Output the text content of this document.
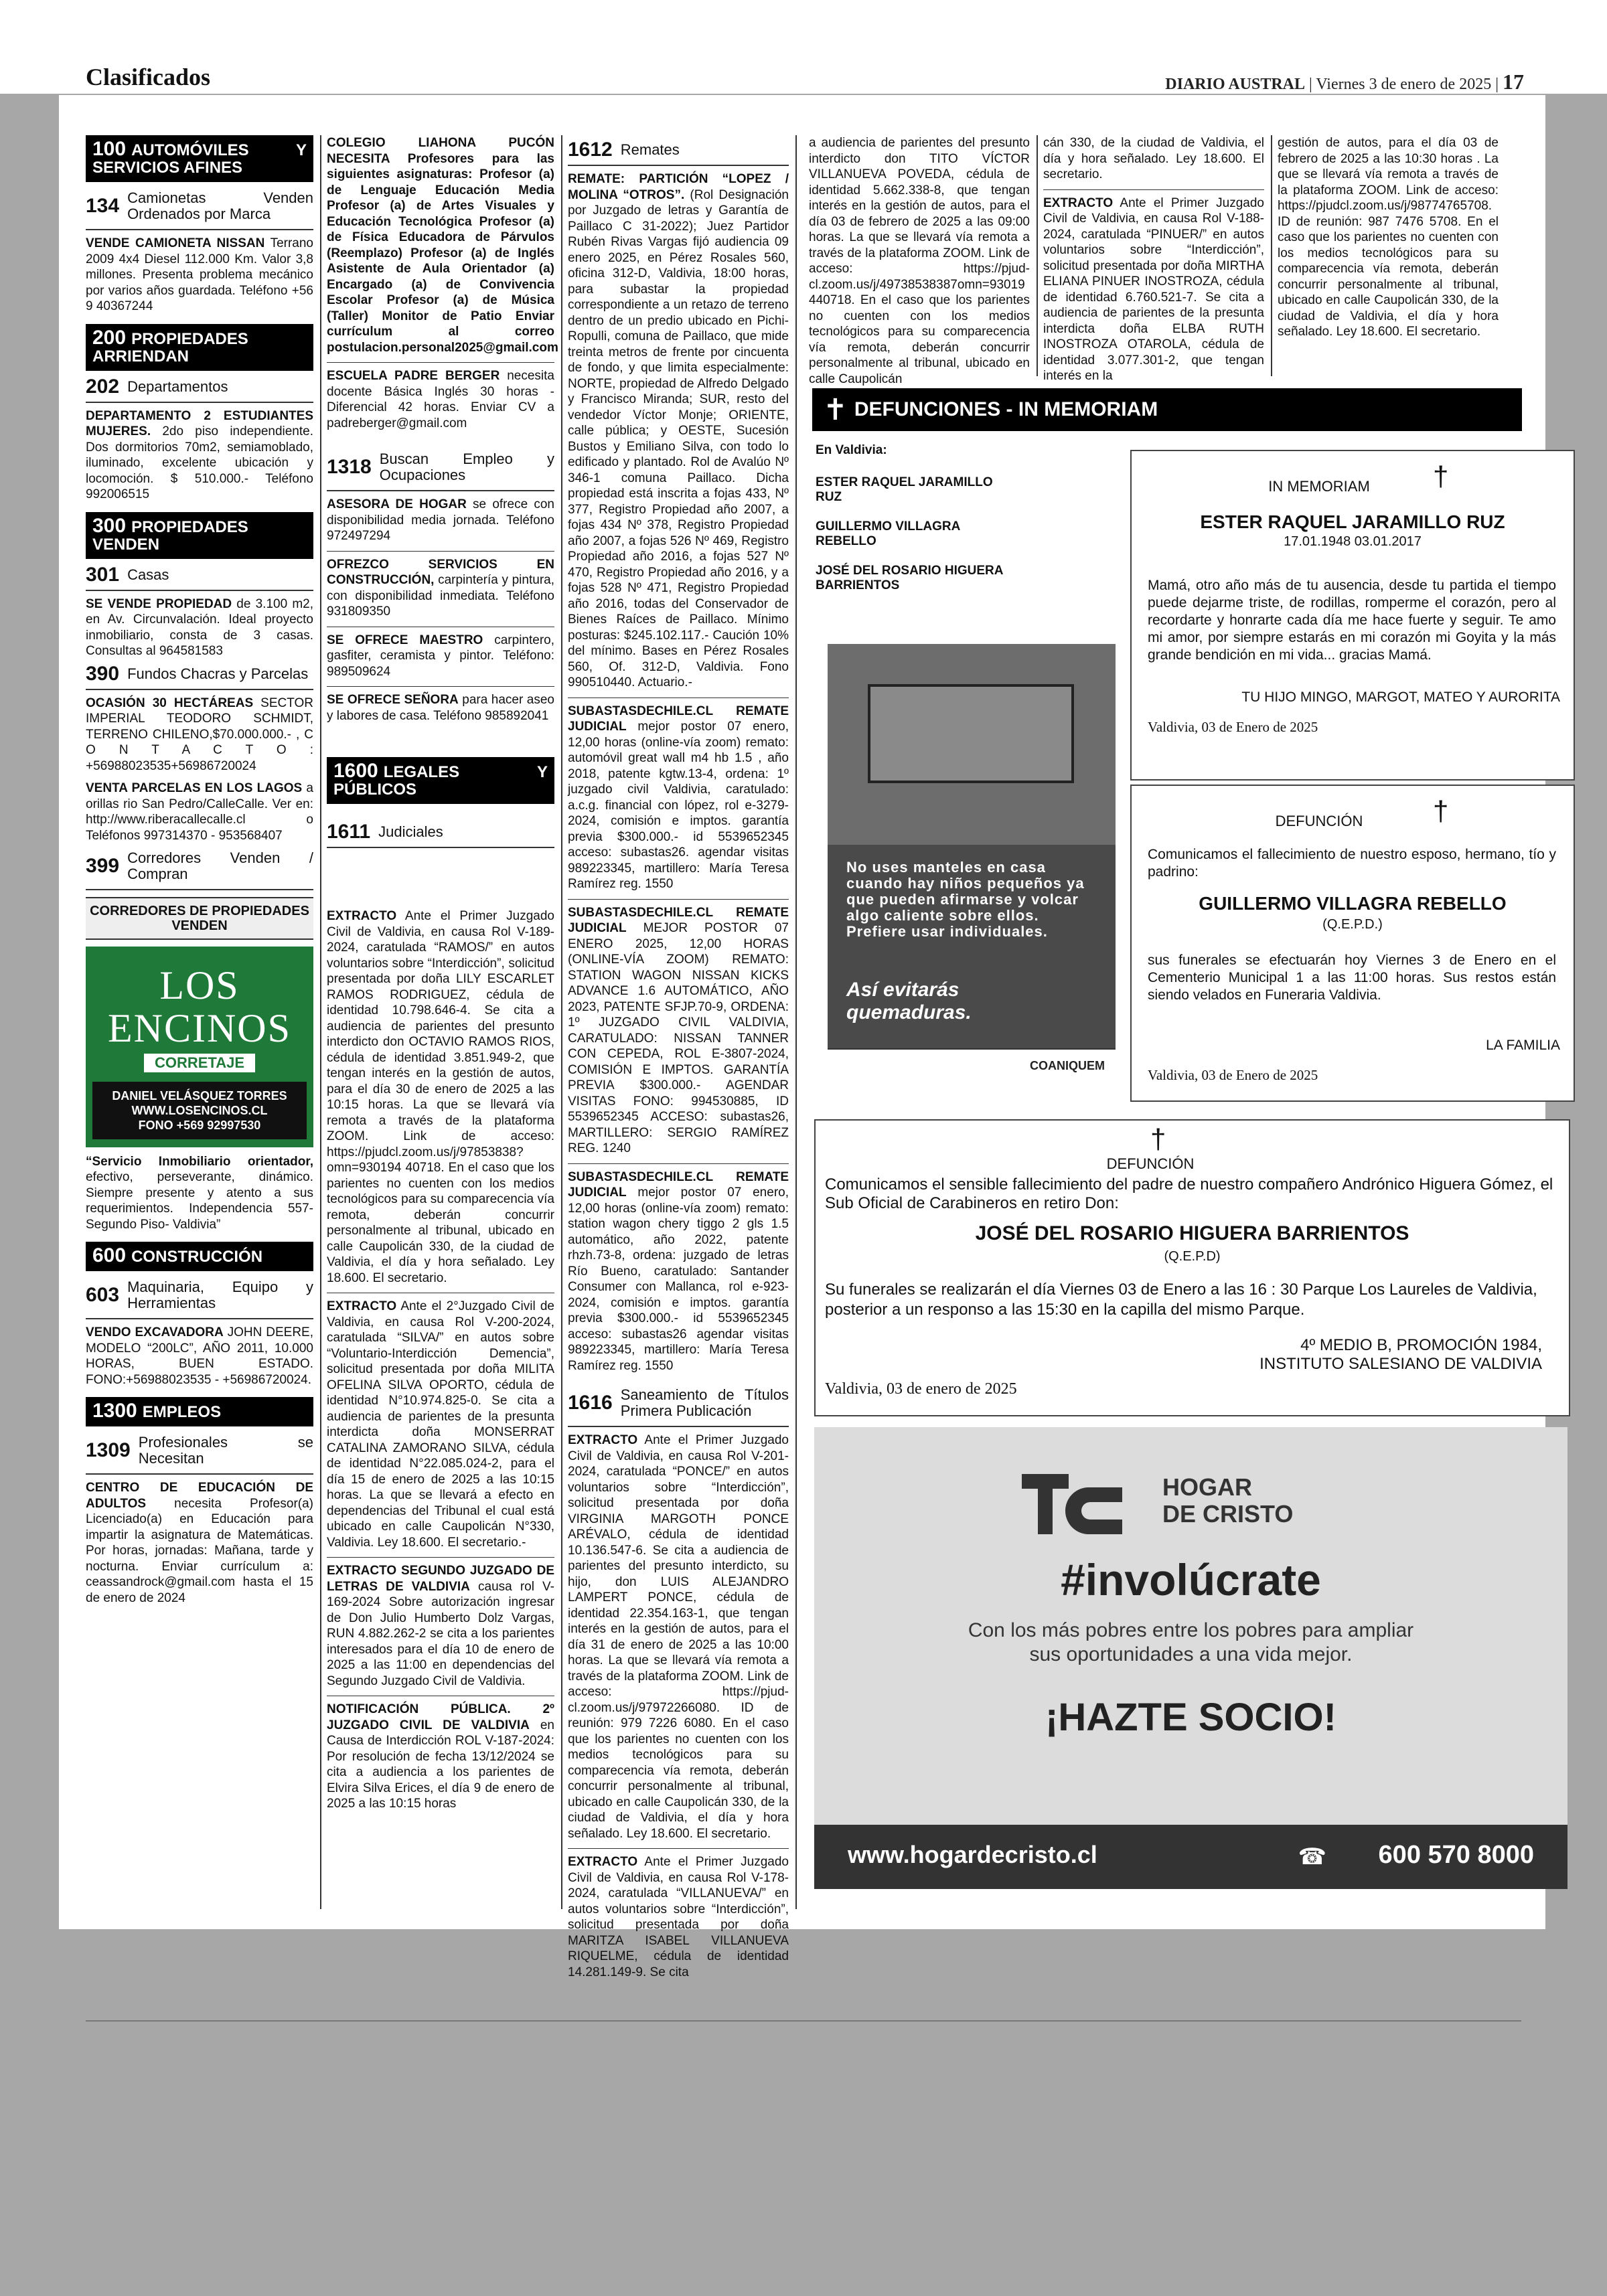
Clasificados	DIARIO AUSTRAL | Viernes 3 de enero de 2025 | 17
100 AUTOMÓVILES Y SERVICIOS AFINES
134 Camionetas Venden Ordenados por Marca
VENDE CAMIONETA NISSAN Terrano 2009 4x4 Diesel 112.000 Km. Valor 3,8 millones. Presenta problema mecánico por varios años guardada. Teléfono +56 9 40367244
200 PROPIEDADES ARRIENDAN
202 Departamentos
DEPARTAMENTO 2 ESTUDIANTES MUJERES. 2do piso independiente. Dos dormitorios 70m2, semiamoblado, iluminado, excelente ubicación y locomoción. $ 510.000.- Teléfono 992006515
300 PROPIEDADES VENDEN
301 Casas
SE VENDE PROPIEDAD de 3.100 m2, en Av. Circunvalación. Ideal proyecto inmobiliario, consta de 3 casas. Consultas al 964581583
390 Fundos Chacras y Parcelas
OCASIÓN 30 HECTÁREAS SECTOR IMPERIAL TEODORO SCHMIDT, TERRENO CHILENO,$70.000.000.- , C O N T A C T O : +56988023535+56986720024
VENTA PARCELAS EN LOS LAGOS a orillas rio San Pedro/CalleCalle. Ver en: http://www.riberacallecalle.cl o Teléfonos 997314370 - 953568407
399 Corredores Venden / Compran
CORREDORES DE PROPIEDADES VENDEN
LOS ENCINOS
CORRETAJE
DANIEL VELÁSQUEZ TORRES
WWW.LOSENCINOS.CL
FONO +569 92997530
“Servicio Inmobiliario orientador, efectivo, perseverante, dinámico. Siempre presente y atento a sus requerimientos. Independencia 557- Segundo Piso- Valdivia”
600 CONSTRUCCIÓN
603 Maquinaria, Equipo y Herramientas
VENDO EXCAVADORA JOHN DEERE, MODELO “200LC”, AÑO 2011, 10.000 HORAS, BUEN ESTADO. FONO:+56988023535 - +56986720024.
1300 EMPLEOS
1309 Profesionales se Necesitan
CENTRO DE EDUCACIÓN DE ADULTOS necesita Profesor(a) Licenciado(a) en Educación para impartir la asignatura de Matemáticas. Por horas, jornadas: Mañana, tarde y nocturna. Enviar currículum a: ceassandrock@gmail.com hasta el 15 de enero de 2024
COLEGIO LIAHONA PUCÓN NECESITA Profesores para las siguientes asignaturas: Profesor (a) de Lenguaje Educación Media Profesor (a) de Artes Visuales y Educación Tecnológica Profesor (a) de Física Educadora de Párvulos (Reemplazo) Profesor (a) de Inglés Asistente de Aula Orientador (a) Encargado (a) de Convivencia Escolar Profesor (a) de Música (Taller) Monitor de Patio Enviar currículum al correo postulacion.personal2025@gmail.com
ESCUELA PADRE BERGER necesita docente Básica Inglés 30 horas - Diferencial 42 horas. Enviar CV a padreberger@gmail.com
1318 Buscan Empleo y Ocupaciones
ASESORA DE HOGAR se ofrece con disponibilidad media jornada. Teléfono 972497294
OFREZCO SERVICIOS EN CONSTRUCCIÓN, carpintería y pintura, con disponibilidad inmediata. Teléfono 931809350
SE OFRECE MAESTRO carpintero, gasfiter, ceramista y pintor. Teléfono: 989509624
SE OFRECE SEÑORA para hacer aseo y labores de casa. Teléfono 985892041
1600 LEGALES Y PÚBLICOS
1611 Judiciales
EXTRACTO Ante el Primer Juzgado Civil de Valdivia, en causa Rol V-189-2024, caratulada “RAMOS/” en autos voluntarios sobre “Interdicción”, solicitud presentada por doña LILY ESCARLET RAMOS RODRIGUEZ, cédula de identidad 10.798.646-4. Se cita a audiencia de parientes del presunto interdicto don OCTAVIO RAMOS RIOS, cédula de identidad 3.851.949-2, que tengan interés en la gestión de autos, para el día 30 de enero de 2025 a las 10:15 horas. La que se llevará vía remota a través de la plataforma ZOOM. Link de acceso: https://pjudcl.zoom.us/j/97853838?omn=930194 40718. En el caso que los parientes no cuenten con los medios tecnológicos para su comparecencia vía remota, deberán concurrir personalmente al tribunal, ubicado en calle Caupolicán 330, de la ciudad de Valdivia, el día y hora señalado. Ley 18.600. El secretario.
EXTRACTO Ante el 2°Juzgado Civil de Valdivia, en causa Rol V-200-2024, caratulada “SILVA/” en autos sobre “Voluntario-Interdicción Demencia”, solicitud presentada por doña MILITA OFELINA SILVA OPORTO, cédula de identidad N°10.974.825-0. Se cita a audiencia de parientes de la presunta interdicta doña MONSERRAT CATALINA ZAMORANO SILVA, cédula de identidad N°22.085.024-2, para el día 15 de enero de 2025 a las 10:15 horas. La que se llevará a efecto en dependencias del Tribunal el cual está ubicado en calle Caupolicán N°330, Valdivia. Ley 18.600. El secretario.-
EXTRACTO SEGUNDO JUZGADO DE LETRAS DE VALDIVIA causa rol V-169-2024 Sobre autorización ingresar de Don Julio Humberto Dolz Vargas, RUN 4.882.262-2 se cita a los parientes interesados para el día 10 de enero de 2025 a las 11:00 en dependencias del Segundo Juzgado Civil de Valdivia.
NOTIFICACIÓN PÚBLICA. 2º JUZGADO CIVIL DE VALDIVIA en Causa de Interdicción ROL V-187-2024: Por resolución de fecha 13/12/2024 se cita a audiencia a los parientes de Elvira Silva Erices, el día 9 de enero de 2025 a las 10:15 horas
1612 Remates
REMATE: PARTICIÓN “LOPEZ / MOLINA “OTROS”. (Rol Designación por Juzgado de letras y Garantía de Paillaco C 31-2022); Juez Partidor Rubén Rivas Vargas fijó audiencia 09 enero 2025, en Pérez Rosales 560, oficina 312-D, Valdivia, 18:00 horas, para subastar la propiedad correspondiente a un retazo de terreno dentro de un predio ubicado en Pichi-Ropulli, comuna de Paillaco, que mide treinta metros de frente por cincuenta de fondo, y que limita especialmente: NORTE, propiedad de Alfredo Delgado y Francisco Miranda; SUR, resto del vendedor Víctor Monje; ORIENTE, calle pública; y OESTE, Sucesión Bustos y Emiliano Silva, con todo lo edificado y plantado. Rol de Avalúo Nº 346-1 comuna Paillaco. Dicha propiedad está inscrita a fojas 433, Nº 377, Registro Propiedad año 2007, a fojas 434 Nº 378, Registro Propiedad año 2007, a fojas 526 Nº 469, Registro Propiedad año 2016, a fojas 527 Nº 470, Registro Propiedad año 2016, y a fojas 528 Nº 471, Registro Propiedad año 2016, todas del Conservador de Bienes Raíces de Paillaco. Mínimo posturas: $245.102.117.- Caución 10% del mínimo. Bases en Pérez Rosales 560, Of. 312-D, Valdivia. Fono 990510440. Actuario.-
SUBASTASDECHILE.CL REMATE JUDICIAL mejor postor 07 enero, 12,00 horas (online-vía zoom) remato: automóvil great wall m4 hb 1.5 , año 2018, patente kgtw.13-4, ordena: 1º juzgado civil Valdivia, caratulado: a.c.g. financial con lópez, rol e-3279-2024, comisión e imptos. garantía previa $300.000.- id 5539652345 acceso: subastas26. agendar visitas 989223345, martillero: María Teresa Ramírez reg. 1550
SUBASTASDECHILE.CL REMATE JUDICIAL MEJOR POSTOR 07 ENERO 2025, 12,00 HORAS (ONLINE-VÍA ZOOM) REMATO: STATION WAGON NISSAN KICKS ADVANCE 1.6 AUTOMÁTICO, AÑO 2023, PATENTE SFJP.70-9, ORDENA: 1º JUZGADO CIVIL VALDIVIA, CARATULADO: NISSAN TANNER CON CEPEDA, ROL E-3807-2024, COMISIÓN E IMPTOS. GARANTÍA PREVIA $300.000.- AGENDAR VISITAS FONO: 994530885, ID 5539652345 ACCESO: subastas26, MARTILLERO: SERGIO RAMÍREZ REG. 1240
SUBASTASDECHILE.CL REMATE JUDICIAL mejor postor 07 enero, 12,00 horas (online-vía zoom) remato: station wagon chery tiggo 2 gls 1.5 automático, año 2022, patente rhzh.73-8, ordena: juzgado de letras Río Bueno, caratulado: Santander Consumer con Mallanca, rol e-923-2024, comisión e imptos. garantía previa $300.000.- id 5539652345 acceso: subastas26 agendar visitas 989223345, martillero: María Teresa Ramírez reg. 1550
1616 Saneamiento de Títulos Primera Publicación
EXTRACTO Ante el Primer Juzgado Civil de Valdivia, en causa Rol V-201-2024, caratulada “PONCE/” en autos voluntarios sobre “Interdicción”, solicitud presentada por doña VIRGINIA MARGOTH PONCE ARÉVALO, cédula de identidad 10.136.547-6. Se cita a audiencia de parientes del presunto interdicto, su hijo, don LUIS ALEJANDRO LAMPERT PONCE, cédula de identidad 22.354.163-1, que tengan interés en la gestión de autos, para el día 31 de enero de 2025 a las 10:00 horas. La que se llevará vía remota a través de la plataforma ZOOM. Link de acceso: https://pjud-cl.zoom.us/j/97972266080. ID de reunión: 979 7226 6080. En el caso que los parientes no cuenten con los medios tecnológicos para su comparecencia vía remota, deberán concurrir personalmente al tribunal, ubicado en calle Caupolicán 330, de la ciudad de Valdivia, el día y hora señalado. Ley 18.600. El secretario.
EXTRACTO Ante el Primer Juzgado Civil de Valdivia, en causa Rol V-178-2024, caratulada “VILLANUEVA/” en autos voluntarios sobre “Interdicción”, solicitud presentada por doña MARITZA ISABEL VILLANUEVA RIQUELME, cédula de identidad 14.281.149-9. Se cita
a audiencia de parientes del presunto interdicto don TITO VÍCTOR VILLANUEVA POVEDA, cédula de identidad 5.662.338-8, que tengan interés en la gestión de autos, para el día 03 de febrero de 2025 a las 09:00 horas. La que se llevará vía remota a través de la plataforma ZOOM. Link de acceso: https://pjud-cl.zoom.us/j/49738538387omn=93019 440718. En el caso que los parientes no cuenten con los medios tecnológicos para su comparecencia vía remota, deberán concurrir personalmente al tribunal, ubicado en calle Caupolicán
cán 330, de la ciudad de Valdivia, el día y hora señalado. Ley 18.600. El secretario.
EXTRACTO Ante el Primer Juzgado Civil de Valdivia, en causa Rol V-188-2024, caratulada “PINUER/” en autos voluntarios sobre “Interdicción”, solicitud presentada por doña MIRTHA ELIANA PINUER INOSTROZA, cédula de identidad 6.760.521-7. Se cita a audiencia de parientes de la presunta interdicta doña ELBA RUTH INOSTROZA OTAROLA, cédula de identidad 3.077.301-2, que tengan interés en la
gestión de autos, para el día 03 de febrero de 2025 a las 10:30 horas . La que se llevará vía remota a través de la plataforma ZOOM. Link de acceso: https://pjudcl.zoom.us/j/98774765708. ID de reunión: 987 7476 5708. En el caso que los parientes no cuenten con los medios tecnológicos para su comparecencia vía remota, deberán concurrir personalmente al tribunal, ubicado en calle Caupolicán 330, de la ciudad de Valdivia, el día y hora señalado. Ley 18.600. El secretario.
✝ DEFUNCIONES - IN MEMORIAM
En Valdivia:
ESTER RAQUEL JARAMILLO RUZ
GUILLERMO VILLAGRA REBELLO
JOSÉ DEL ROSARIO HIGUERA BARRIENTOS
No uses manteles en casa cuando hay niños pequeños ya que pueden afirmarse y volcar algo caliente sobre ellos. Prefiere usar individuales.
Así evitarás quemaduras.
COANIQUEM
IN MEMORIAM	†
ESTER RAQUEL JARAMILLO RUZ
17.01.1948 03.01.2017
Mamá, otro año más de tu ausencia, desde tu partida el tiempo puede dejarme triste, de rodillas, romperme el corazón, pero al recordarte y honrarte cada día me hace fuerte y seguir. Te amo mi amor, por siempre estarás en mi corazón mi Goyita y la más grande bendición en mi vida... gracias Mamá.
TU HIJO MINGO, MARGOT, MATEO Y AURORITA
Valdivia, 03 de Enero de 2025
DEFUNCIÓN	†
Comunicamos el fallecimiento de nuestro esposo, hermano, tío y padrino:
GUILLERMO VILLAGRA REBELLO
(Q.E.P.D.)
sus funerales se efectuarán hoy Viernes 3 de Enero en el Cementerio Municipal 1 a las 11:00 horas. Sus restos están siendo velados en Funeraria Valdivia.
LA FAMILIA
Valdivia, 03 de Enero de 2025
†
DEFUNCIÓN
Comunicamos el sensible fallecimiento del padre de nuestro compañero Andrónico Higuera Gómez, el Sub Oficial de Carabineros en retiro Don:
JOSÉ DEL ROSARIO HIGUERA BARRIENTOS
(Q.E.P.D)
Su funerales se realizarán el día Viernes 03 de Enero a las 16 : 30 Parque Los Laureles de Valdivia, posterior a un responso a las 15:30 en la capilla del mismo Parque.
4º MEDIO B, PROMOCIÓN 1984,
INSTITUTO SALESIANO DE VALDIVIA
Valdivia, 03 de enero de 2025
HOGAR
DE CRISTO
#involúcrate
Con los más pobres entre los pobres para ampliar
sus oportunidades a una vida mejor.
¡HAZTE SOCIO!
www.hogardecristo.cl	☎ 600 570 8000
